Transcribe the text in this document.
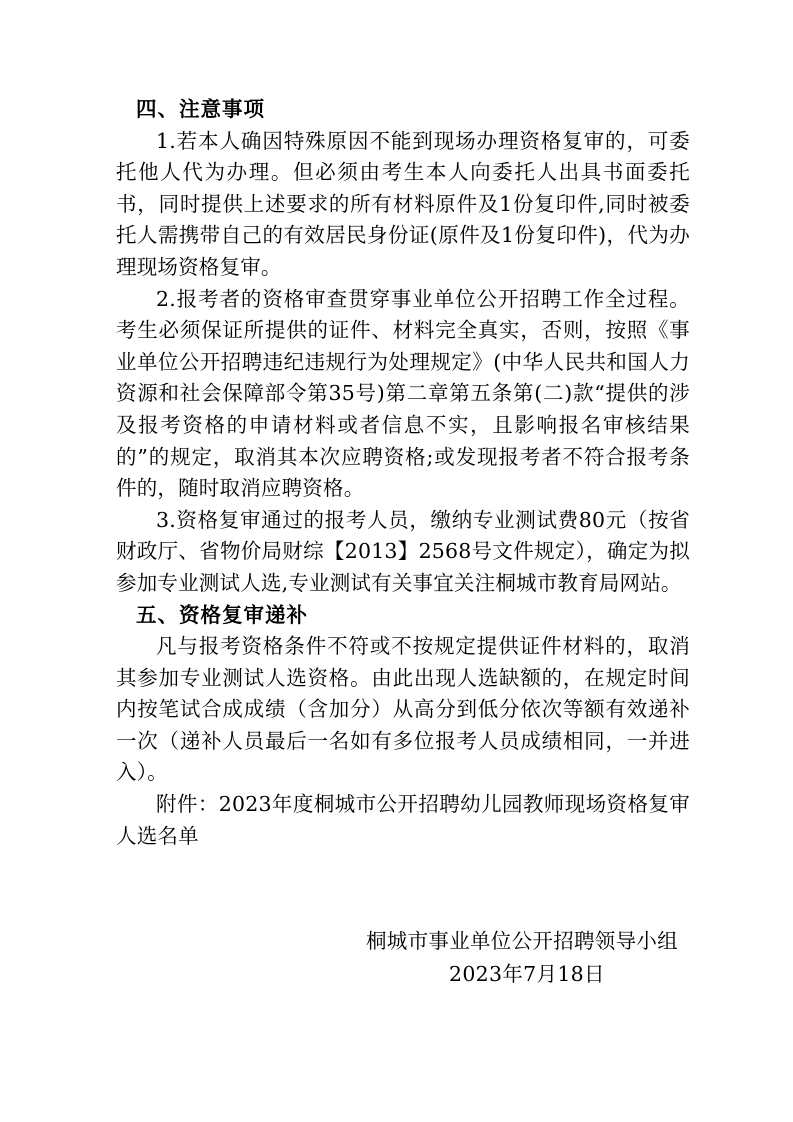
四、注意事项

1.若本人确因特殊原因不能到现场办理资格复审的，可委托他人代为办理。但必须由考生本人向委托人出具书面委托书，同时提供上述要求的所有材料原件及1份复印件,同时被委托人需携带自己的有效居民身份证(原件及1份复印件)，代为办理现场资格复审。

2.报考者的资格审查贯穿事业单位公开招聘工作全过程。考生必须保证所提供的证件、材料完全真实，否则，按照《事业单位公开招聘违纪违规行为处理规定》(中华人民共和国人力资源和社会保障部令第35号)第二章第五条第(二)款“提供的涉及报考资格的申请材料或者信息不实，且影响报名审核结果的”的规定，取消其本次应聘资格;或发现报考者不符合报考条件的，随时取消应聘资格。

3.资格复审通过的报考人员，缴纳专业测试费80元（按省财政厅、省物价局财综【2013】2568号文件规定），确定为拟参加专业测试人选,专业测试有关事宜关注桐城市教育局网站。

五、资格复审递补

凡与报考资格条件不符或不按规定提供证件材料的，取消其参加专业测试人选资格。由此出现人选缺额的，在规定时间内按笔试合成成绩（含加分）从高分到低分依次等额有效递补一次（递补人员最后一名如有多位报考人员成绩相同，一并进入）。

附件：2023年度桐城市公开招聘幼儿园教师现场资格复审人选名单

桐城市事业单位公开招聘领导小组
2023年7月18日
